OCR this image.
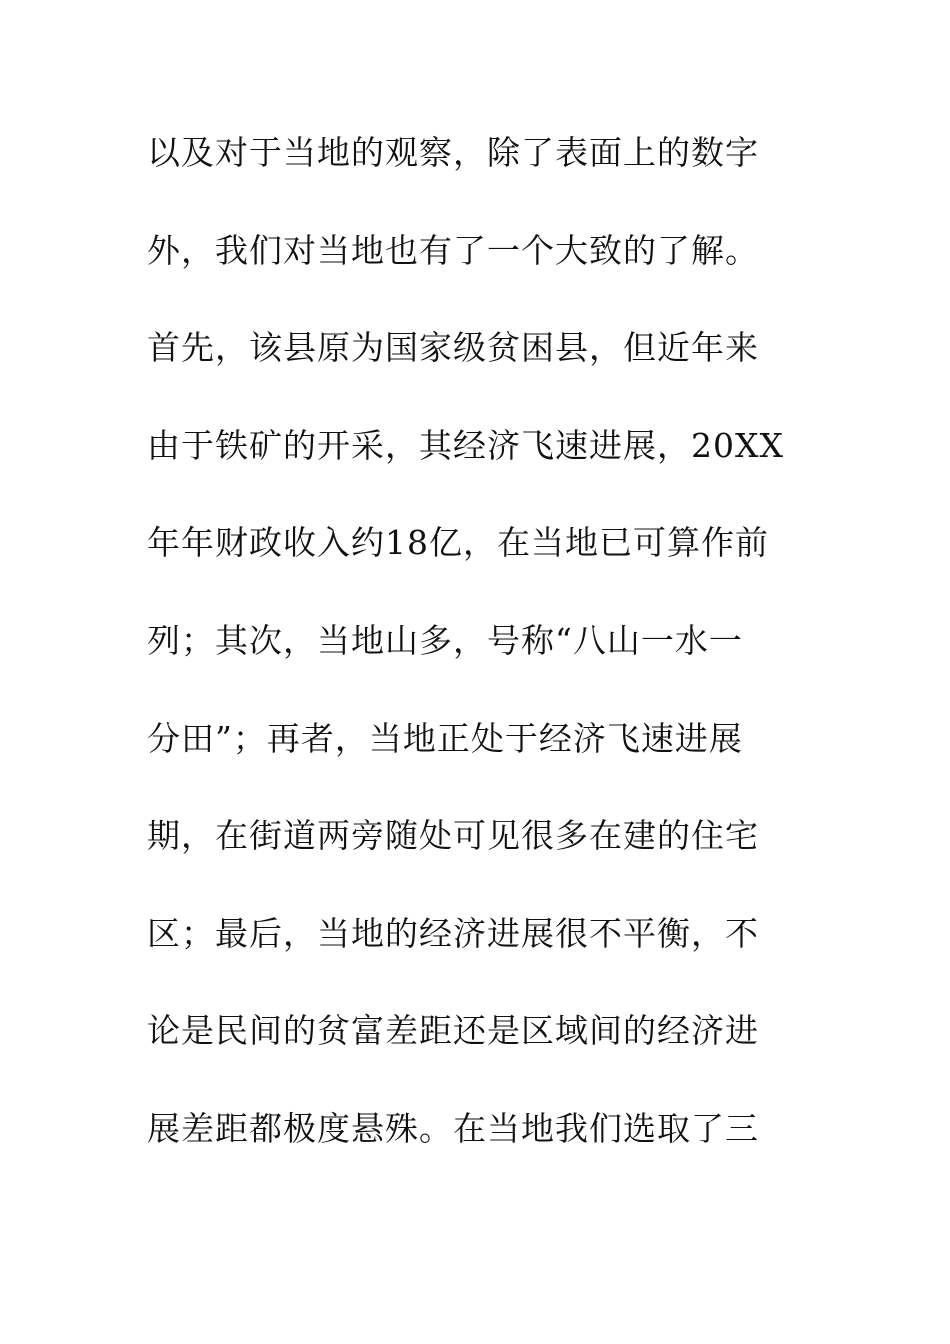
以及对于当地的观察，除了表面上的数字
外，我们对当地也有了一个大致的了解。
首先，该县原为国家级贫困县，但近年来
由于铁矿的开采，其经济飞速进展，20XX
年年财政收入约18亿，在当地已可算作前
列；其次，当地山多，号称“八山一水一
分田”；再者，当地正处于经济飞速进展
期，在街道两旁随处可见很多在建的住宅
区；最后，当地的经济进展很不平衡，不
论是民间的贫富差距还是区域间的经济进
展差距都极度悬殊。在当地我们选取了三
